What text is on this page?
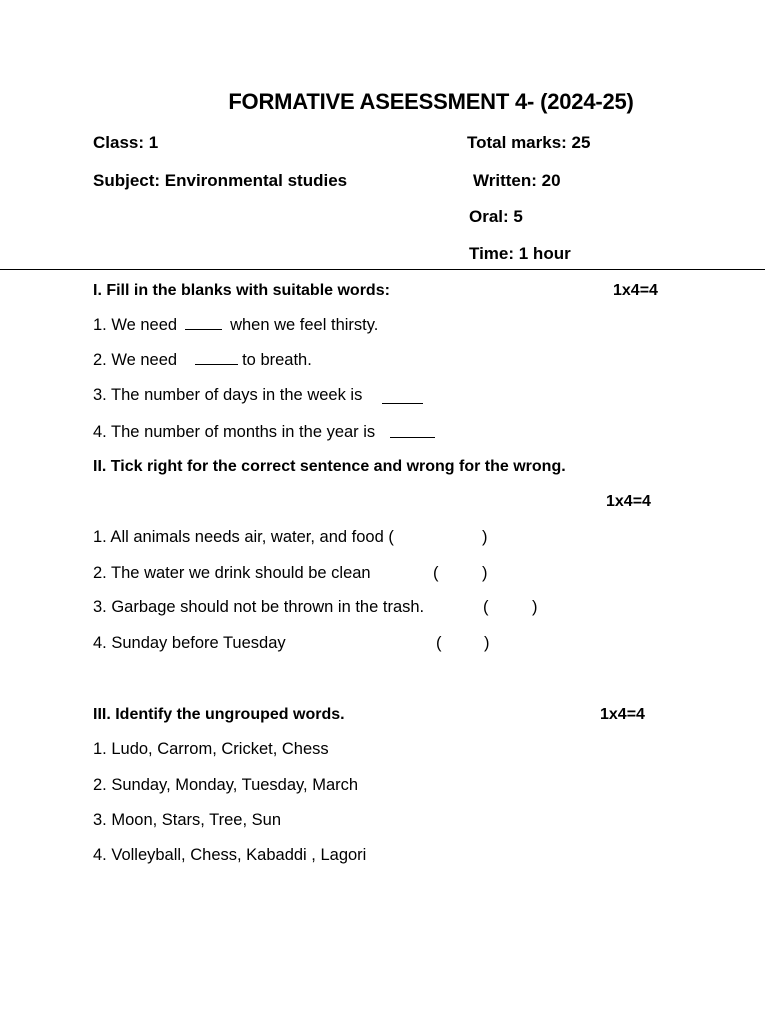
FORMATIVE ASEESSMENT 4- (2024-25)
Class: 1
Subject: Environmental studies
Total marks: 25
Written: 20
Oral: 5
Time: 1 hour
I. Fill in the blanks with suitable words:	1x4=4
1. We need	when we feel thirsty.
2. We need	to breath.
3. The number of days in the week is
4. The number of months in the year is
II. Tick right for the correct sentence and wrong for the wrong.
1x4=4
1. All animals needs air, water, and food (	)
2. The water we drink should be clean	(	)
3. Garbage should not be thrown in the trash.	(	)
4. Sunday before Tuesday	(	)
III. Identify the ungrouped words.	1x4=4
1. Ludo, Carrom, Cricket, Chess
2. Sunday, Monday, Tuesday, March
3. Moon, Stars, Tree, Sun
4. Volleyball, Chess, Kabaddi , Lagori
